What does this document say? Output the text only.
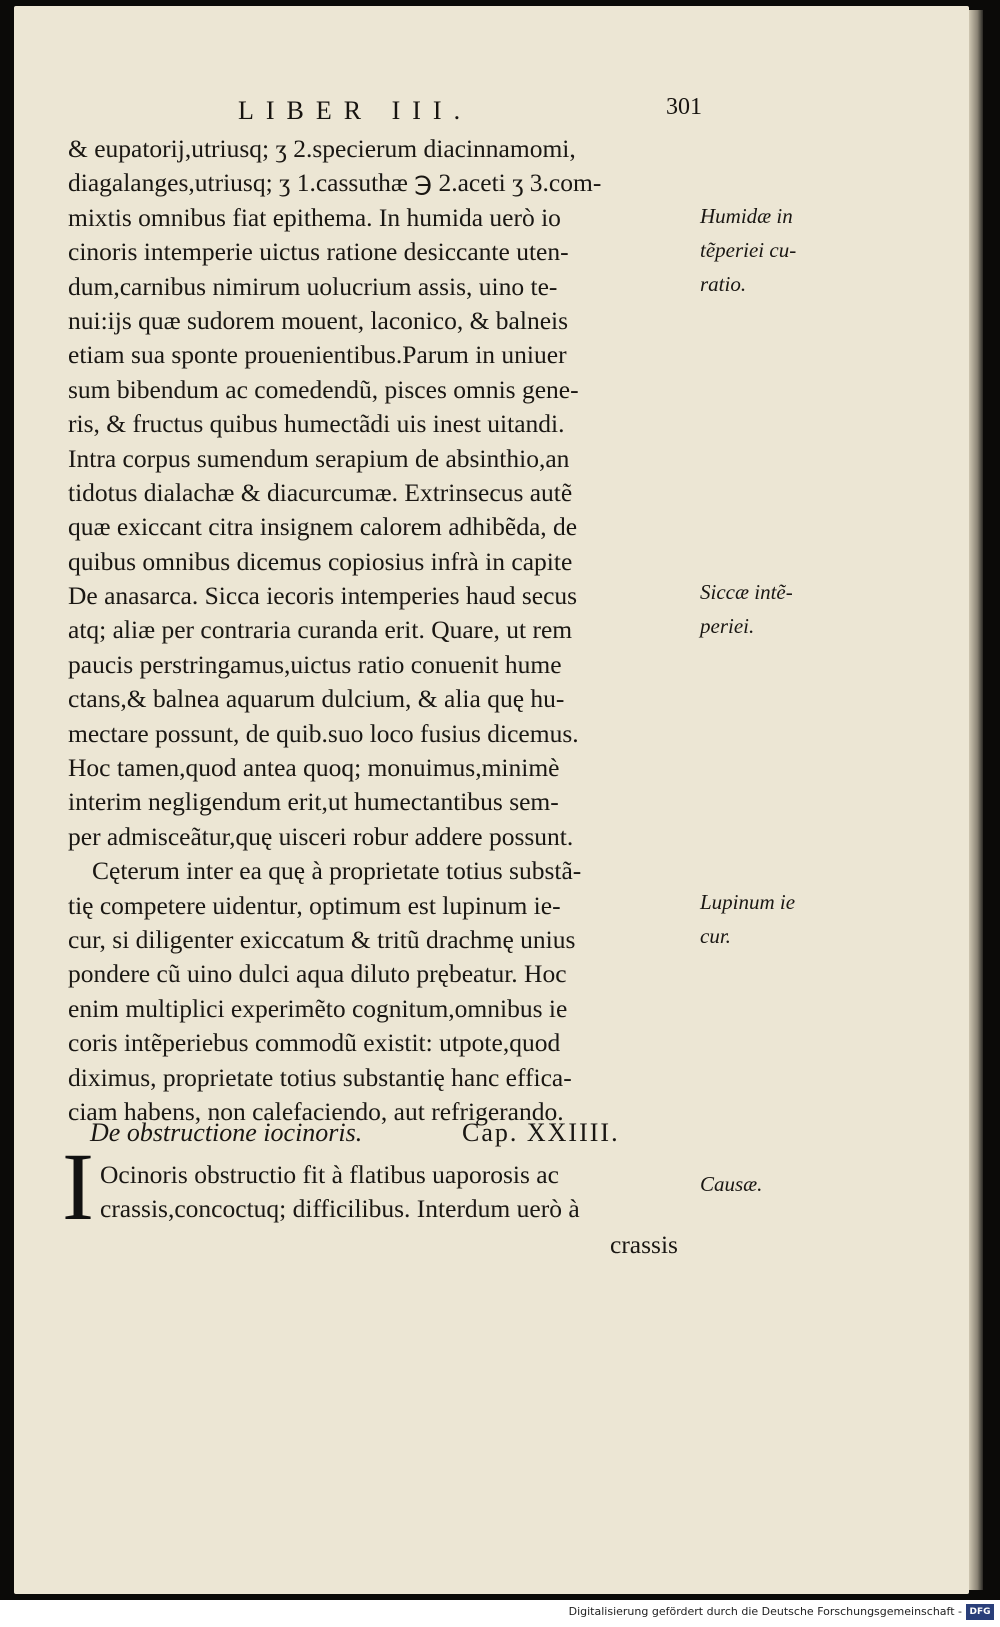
LIBER III.	301
& eupatorij,utriusq; ʒ 2.specierum diacinnamomi,
diagalanges,utriusq; ʒ 1.cassuthæ ℈ 2.aceti ʒ 3.com-
mixtis omnibus fiat epithema. In humida uerò io
cinoris intemperie uictus ratione desiccante uten-
dum,carnibus nimirum uolucrium assis, uino te-
nui:ijs quæ sudorem mouent, laconico, & balneis
etiam sua sponte prouenientibus.Parum in uniuer
sum bibendum ac comedendũ, pisces omnis gene-
ris, & fructus quibus humectãdi uis inest uitandi.
Intra corpus sumendum serapium de absinthio,an
tidotus dialachæ & diacurcumæ. Extrinsecus autẽ
quæ exiccant citra insignem calorem adhibẽda, de
quibus omnibus dicemus copiosius infrà in capite
De anasarca. Sicca iecoris intemperies haud secus
atq; aliæ per contraria curanda erit. Quare, ut rem
paucis perstringamus,uictus ratio conuenit hume
ctans,& balnea aquarum dulcium, & alia quę hu-
mectare possunt, de quib.suo loco fusius dicemus.
Hoc tamen,quod antea quoq; monuimus,minimè
interim negligendum erit,ut humectantibus sem-
per admisceãtur,quę uisceri robur addere possunt.
Cęterum inter ea quę à proprietate totius substã-
tię competere uidentur, optimum est lupinum ie-
cur, si diligenter exiccatum & tritũ drachmę unius
pondere cũ uino dulci aqua diluto prębeatur. Hoc
enim multiplici experimẽto cognitum,omnibus ie
coris intẽperiebus commodũ existit: utpote,quod
diximus, proprietate totius substantię hanc effica-
ciam habens, non calefaciendo, aut refrigerando.
Humidæ in
tẽperiei cu-
ratio.
Siccæ intẽ-
periei.
Lupinum ie
cur.
Causæ.
De obstructione iocinoris.	Cap. XXIIII.
I Ocinoris obstructio fit à flatibus uaporosis ac
crassis,concoctuq; difficilibus. Interdum uerò à
crassis
Digitalisierung gefördert durch die Deutsche Forschungsgemeinschaft - DFG
